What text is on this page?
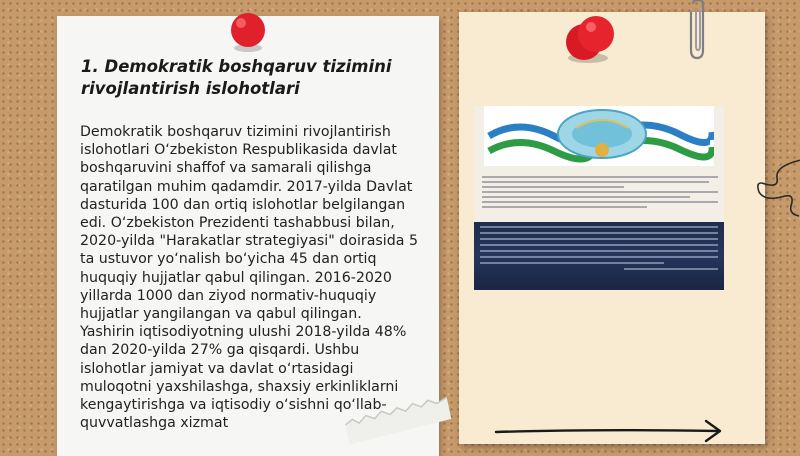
1. Demokratik boshqaruv tizimini rivojlantirish islohotlari

Demokratik boshqaruv tizimini rivojlantirish islohotlari O‘zbekiston Respublikasida davlat boshqaruvini shaffof va samarali qilishga qaratilgan muhim qadamdir. 2017-yilda Davlat dasturida 100 dan ortiq islohotlar belgilangan edi. O‘zbekiston Prezidenti tashabbusi bilan, 2020-yilda "Harakatlar strategiyasi" doirasida 5 ta ustuvor yo‘nalish bo‘yicha 45 dan ortiq huquqiy hujjatlar qabul qilingan. 2016-2020 yillarda 1000 dan ziyod normativ-huquqiy hujjatlar yangilangan va qabul qilingan. Yashirin iqtisodiyotning ulushi 2018-yilda 48% dan 2020-yilda 27% ga qisqardi. Ushbu islohotlar jamiyat va davlat o‘rtasidagi muloqotni yaxshilashga, shaxsiy erkinliklarni kengaytirishga va iqtisodiy o‘sishni qo‘llab-quvvatlashga xizmat
